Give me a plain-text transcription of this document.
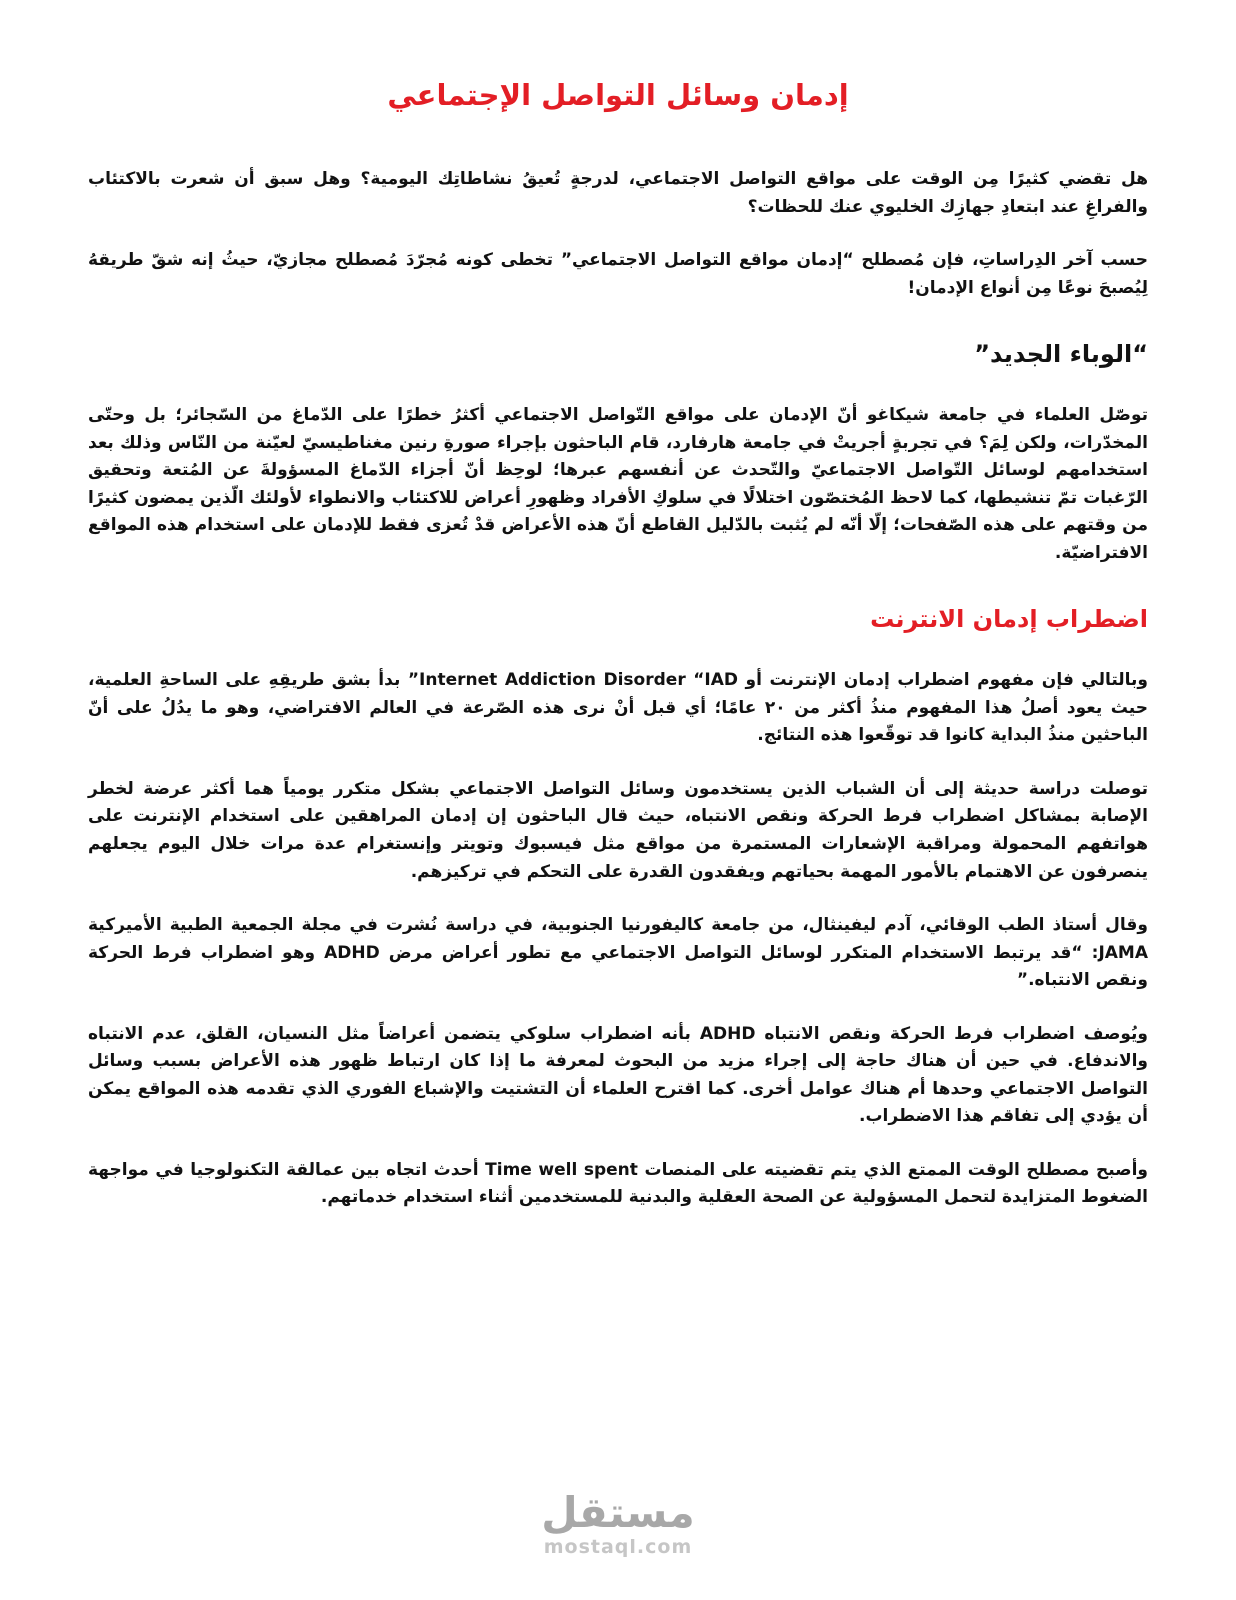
إدمان وسائل التواصل الإجتماعي

هل تقضي كثيرًا مِن الوقت على مواقع التواصل الاجتماعي، لدرجةٍ تُعيقُ نشاطاتِك اليومية؟ وهل سبق أن شعرت بالاكتئاب والفراغِ عند ابتعادِ جهازِك الخليوي عنك للحظات؟

حسب آخر الدِراساتِ، فإن مُصطلح “إدمان مواقع التواصل الاجتماعي” تخطى كونه مُجرّدَ مُصطلح مجازيّ، حيثُ إنه شقّ طريقهُ لِيُصبحَ نوعًا مِن أنواع الإدمان!

“الوباء الجديد”

توصّل العلماء في جامعة شيكاغو أنّ الإدمان على مواقع التّواصل الاجتماعي أكثرُ خطرًا على الدّماغ من السّجائر؛ بل وحتّى المخدّرات، ولكن لِمَ؟ في تجربةٍ أجريتْ في جامعة هارفارد، قام الباحثون بإجراء صورةِ رنين مغناطيسيّ لعيّنة من النّاس وذلك بعد استخدامهم لوسائل التّواصل الاجتماعيّ والتّحدث عن أنفسهم عبرها؛ لوحِظ أنّ أجزاء الدّماغ المسؤولةَ عن المُتعة وتحقيق الرّغبات تمّ تنشيطها، كما لاحظ المُختصّون اختلالًا في سلوكِ الأفراد وظهورِ أعراض للاكتئاب والانطواء لأولئك الّذين يمضون كثيرًا من وقتهم على هذه الصّفحات؛ إلّا أنّه لم يُثبت بالدّليل القاطع أنّ هذه الأعراض قدْ تُعزى فقط للإدمان على استخدام هذه المواقع الافتراضيّة.

اضطراب إدمان الانترنت

وبالتالي فإن مفهوم اضطراب إدمان الإنترنت أو Internet Addiction Disorder “IAD” بدأ بشق طريقِهِ على الساحةِ العلمية، حيث يعود أصلُ هذا المفهوم منذُ أكثر من ٢٠ عامًا؛ أي قبل أنْ نرى هذه الصّرعة في العالم الافتراضي، وهو ما يدُلُ على أنّ الباحثين منذُ البداية كانوا قد توقّعوا هذه النتائج.

توصلت دراسة حديثة إلى أن الشباب الذين يستخدمون وسائل التواصل الاجتماعي بشكل متكرر يومياً هما أكثر عرضة لخطر الإصابة بمشاكل اضطراب فرط الحركة ونقص الانتباه، حيث قال الباحثون إن إدمان المراهقين على استخدام الإنترنت على هواتفهم المحمولة ومراقبة الإشعارات المستمرة من مواقع مثل فيسبوك وتويتر وإنستغرام عدة مرات خلال اليوم يجعلهم ينصرفون عن الاهتمام بالأمور المهمة بحياتهم ويفقدون القدرة على التحكم في تركيزهم.

وقال أستاذ الطب الوقائي، آدم ليفينثال، من جامعة كاليفورنيا الجنوبية، في دراسة نُشرت في مجلة الجمعية الطبية الأميركية JAMA: “قد يرتبط الاستخدام المتكرر لوسائل التواصل الاجتماعي مع تطور أعراض مرض ADHD وهو اضطراب فرط الحركة ونقص الانتباه.”

ويُوصف اضطراب فرط الحركة ونقص الانتباه ADHD بأنه اضطراب سلوكي يتضمن أعراضاً مثل النسيان، القلق، عدم الانتباه والاندفاع. في حين أن هناك حاجة إلى إجراء مزيد من البحوث لمعرفة ما إذا كان ارتباط ظهور هذه الأعراض بسبب وسائل التواصل الاجتماعي وحدها أم هناك عوامل أخرى. كما اقترح العلماء أن التشتيت والإشباع الفوري الذي تقدمه هذه المواقع يمكن أن يؤدي إلى تفاقم هذا الاضطراب.

وأصبح مصطلح الوقت الممتع الذي يتم تقضيته على المنصات Time well spent أحدث اتجاه بين عمالقة التكنولوجيا في مواجهة الضغوط المتزايدة لتحمل المسؤولية عن الصحة العقلية والبدنية للمستخدمين أثناء استخدام خدماتهم.

مستقل
mostaql.com
